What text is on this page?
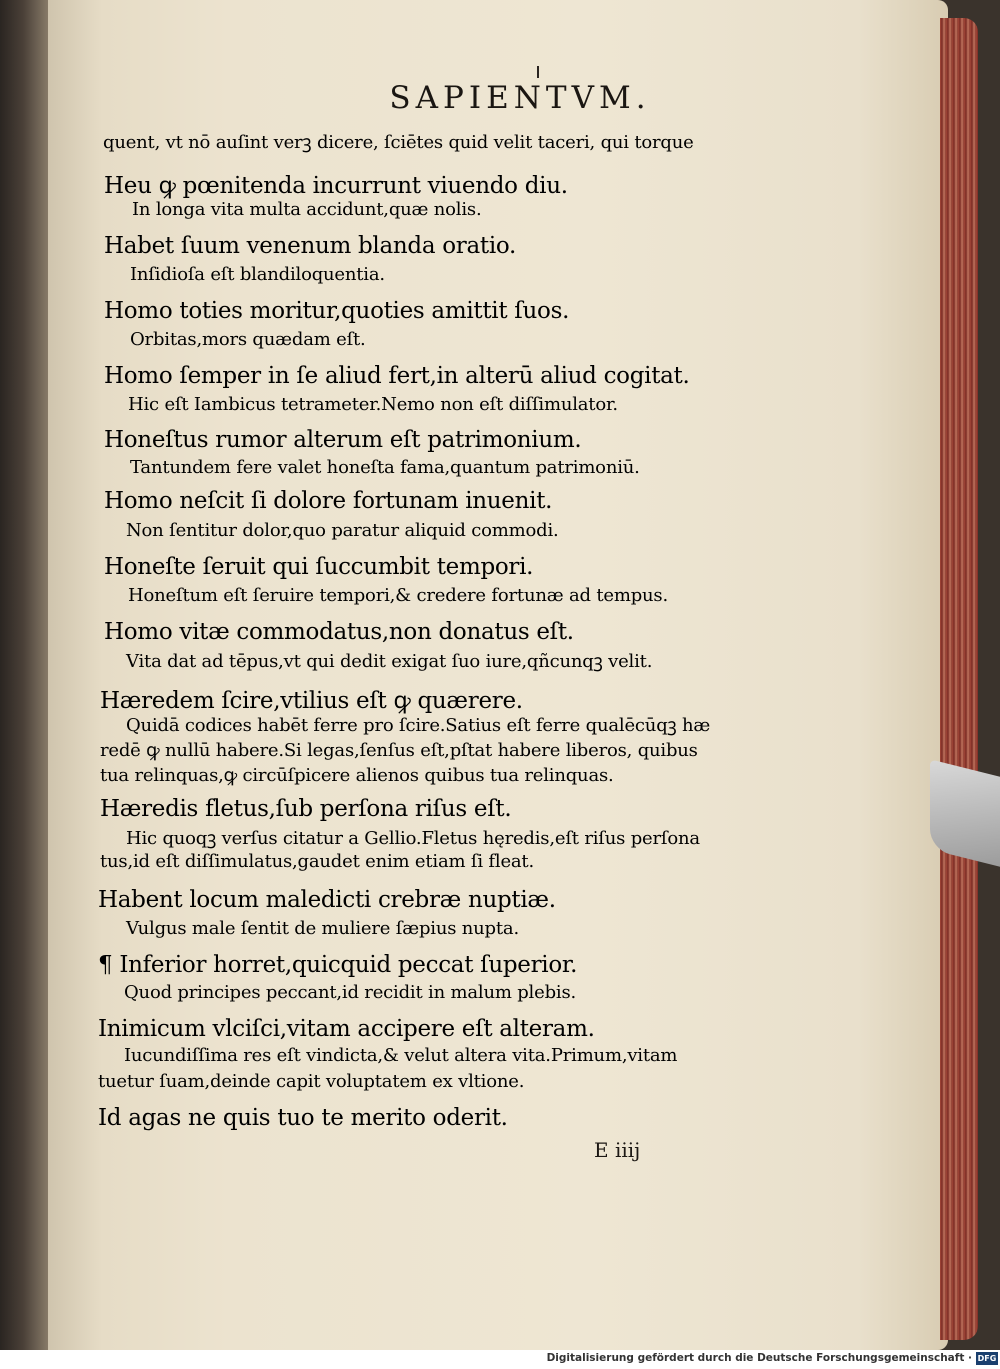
SAPIENTVM.
quent, vt nō auſint verꝫ dicere, ſciētes quid velit taceri, qui torque
Heu ꝙ pœnitenda incurrunt viuendo diu.
In longa vita multa accidunt,quæ nolis.
Habet ſuum venenum blanda oratio.
Inſidioſa eſt blandiloquentia.
Homo toties moritur,quoties amittit ſuos.
Orbitas,mors quædam eſt.
Homo ſemper in ſe aliud fert,in alterū aliud cogitat.
Hic eſt Iambicus tetrameter.Nemo non eſt diſſimulator.
Honeſtus rumor alterum eſt patrimonium.
Tantundem fere valet honeſta fama,quantum patrimoniū.
Homo neſcit ſi dolore fortunam inuenit.
Non ſentitur dolor,quo paratur aliquid commodi.
Honeſte ſeruit qui ſuccumbit tempori.
Honeſtum eſt ſeruire tempori,& credere fortunæ ad tempus.
Homo vitæ commodatus,non donatus eſt.
Vita dat ad tēpus,vt qui dedit exigat ſuo iure,qñcunqꝫ velit.
Hæredem ſcire,vtilius eſt ꝙ quærere.
Quidā codices habēt ferre pro ſcire.Satius eſt ferre qualēcūqꝫ hæ
redē ꝙ nullū habere.Si legas,ſenſus eſt,pſtat habere liberos, quibus
tua relinquas,ꝙ circūſpicere alienos quibus tua relinquas.
Hæredis fletus,ſub perſona riſus eſt.
Hic quoqꝫ verſus citatur a Gellio.Fletus hęredis,eſt riſus perſona
tus,id eſt diſſimulatus,gaudet enim etiam ſi fleat.
Habent locum maledicti crebræ nuptiæ.
Vulgus male ſentit de muliere ſæpius nupta.
¶ Inferior horret,quicquid peccat ſuperior.
Quod principes peccant,id recidit in malum plebis.
Inimicum vlciſci,vitam accipere eſt alteram.
Iucundiſſima res eſt vindicta,& velut altera vita.Primum,vitam
tuetur ſuam,deinde capit voluptatem ex vltione.
Id agas ne quis tuo te merito oderit.
E iiij
Digitalisierung gefördert durch die Deutsche Forschungsgemeinschaft · DFG
